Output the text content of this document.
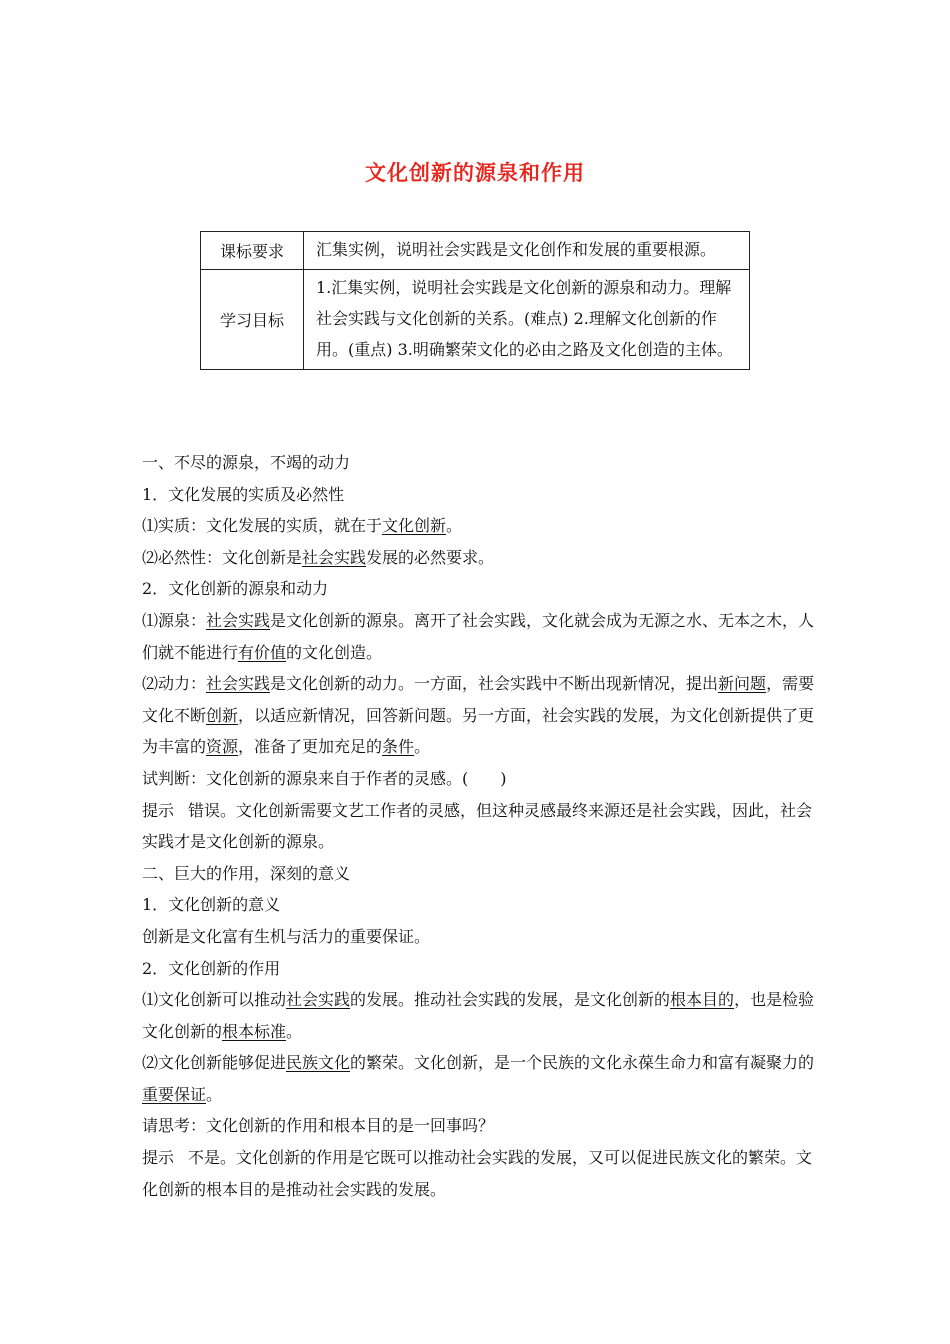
文化创新的源泉和作用
课标要求	汇集实例，说明社会实践是文化创作和发展的重要根源。
学习目标	1.汇集实例，说明社会实践是文化创新的源泉和动力。理解社会实践与文化创新的关系。(难点) 2.理解文化创新的作用。(重点) 3.明确繁荣文化的必由之路及文化创造的主体。

一、不尽的源泉，不竭的动力

1．文化发展的实质及必然性

⑴实质：文化发展的实质，就在于文化创新。

⑵必然性：文化创新是社会实践发展的必然要求。

2．文化创新的源泉和动力

⑴源泉：社会实践是文化创新的源泉。离开了社会实践，文化就会成为无源之水、无本之木，人们就不能进行有价值的文化创造。

⑵动力：社会实践是文化创新的动力。一方面，社会实践中不断出现新情况，提出新问题，需要文化不断创新，以适应新情况，回答新问题。另一方面，社会实践的发展，为文化创新提供了更为丰富的资源，准备了更加充足的条件。

试判断：文化创新的源泉来自于作者的灵感。(　　)

提示 错误。文化创新需要文艺工作者的灵感，但这种灵感最终来源还是社会实践，因此，社会实践才是文化创新的源泉。

二、巨大的作用，深刻的意义

1．文化创新的意义

创新是文化富有生机与活力的重要保证。

2．文化创新的作用

⑴文化创新可以推动社会实践的发展。推动社会实践的发展，是文化创新的根本目的，也是检验文化创新的根本标准。

⑵文化创新能够促进民族文化的繁荣。文化创新，是一个民族的文化永葆生命力和富有凝聚力的重要保证。

请思考：文化创新的作用和根本目的是一回事吗？

提示 不是。文化创新的作用是它既可以推动社会实践的发展，又可以促进民族文化的繁荣。文化创新的根本目的是推动社会实践的发展。
